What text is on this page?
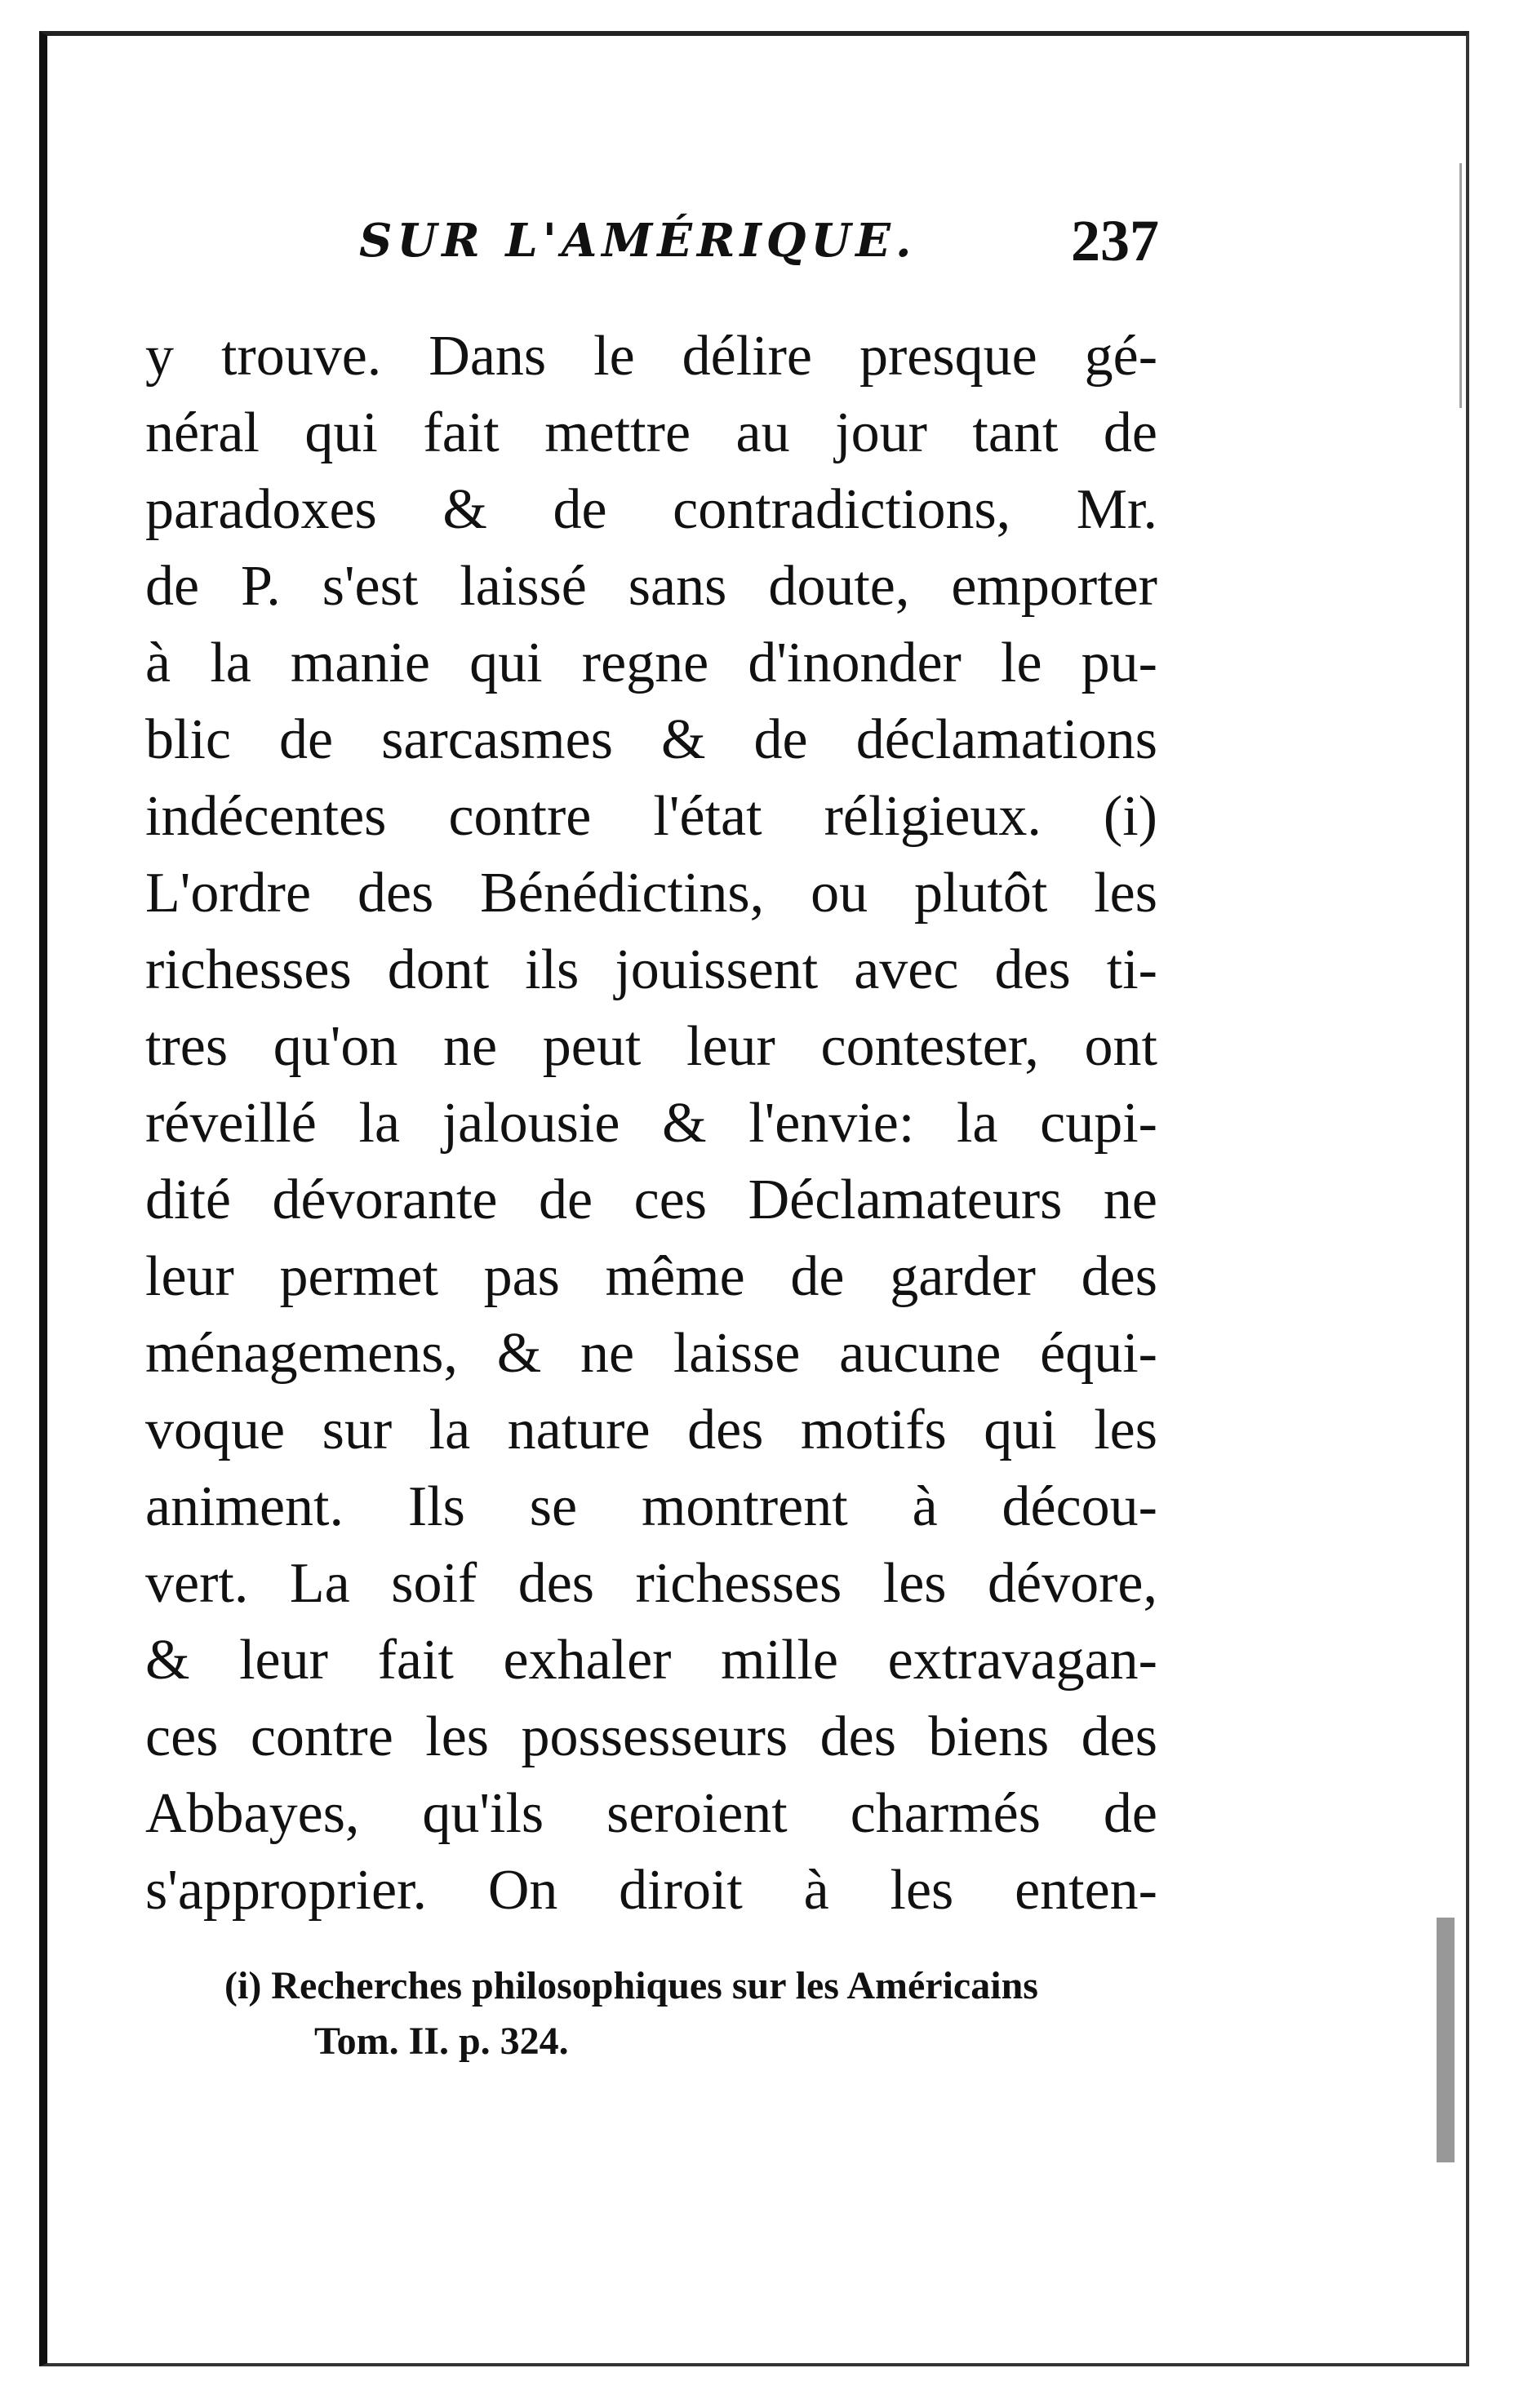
SUR L'AMÉRIQUE.	237
y trouve. Dans le délire presque gé-
néral qui fait mettre au jour tant de
paradoxes & de contradictions, Mr.
de P. s'est laissé sans doute, emporter
à la manie qui regne d'inonder le pu-
blic de sarcasmes & de déclamations
indécentes contre l'état réligieux. (i)
L'ordre des Bénédictins, ou plutôt les
richesses dont ils jouissent avec des ti-
tres qu'on ne peut leur contester, ont
réveillé la jalousie & l'envie: la cupi-
dité dévorante de ces Déclamateurs ne
leur permet pas même de garder des
ménagemens, & ne laisse aucune équi-
voque sur la nature des motifs qui les
animent. Ils se montrent à décou-
vert. La soif des richesses les dévore,
& leur fait exhaler mille extravagan-
ces contre les possesseurs des biens des
Abbayes, qu'ils seroient charmés de
s'approprier. On diroit à les enten-
(i) Recherches philosophiques sur les Américains
Tom. II. p. 324.
